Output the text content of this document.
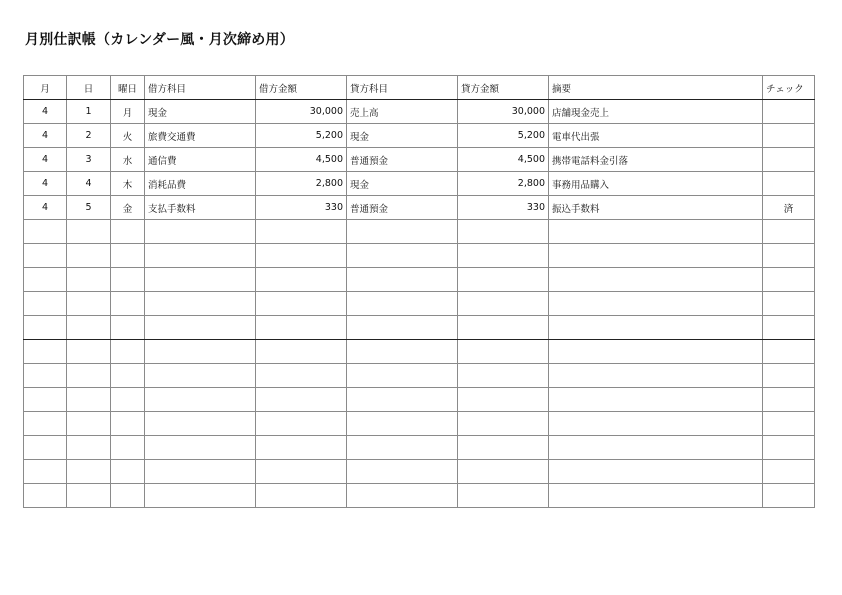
月別仕訳帳（カレンダー風・月次締め用）
月	日	曜日	借方科目	借方金額	貸方科目	貸方金額	摘要	チェック
4	1	月	現金	30,000	売上高	30,000	店舗現金売上	
4	2	火	旅費交通費	5,200	現金	5,200	電車代出張	
4	3	水	通信費	4,500	普通預金	4,500	携帯電話料金引落	
4	4	木	消耗品費	2,800	現金	2,800	事務用品購入	
4	5	金	支払手数料	330	普通預金	330	振込手数料	済
